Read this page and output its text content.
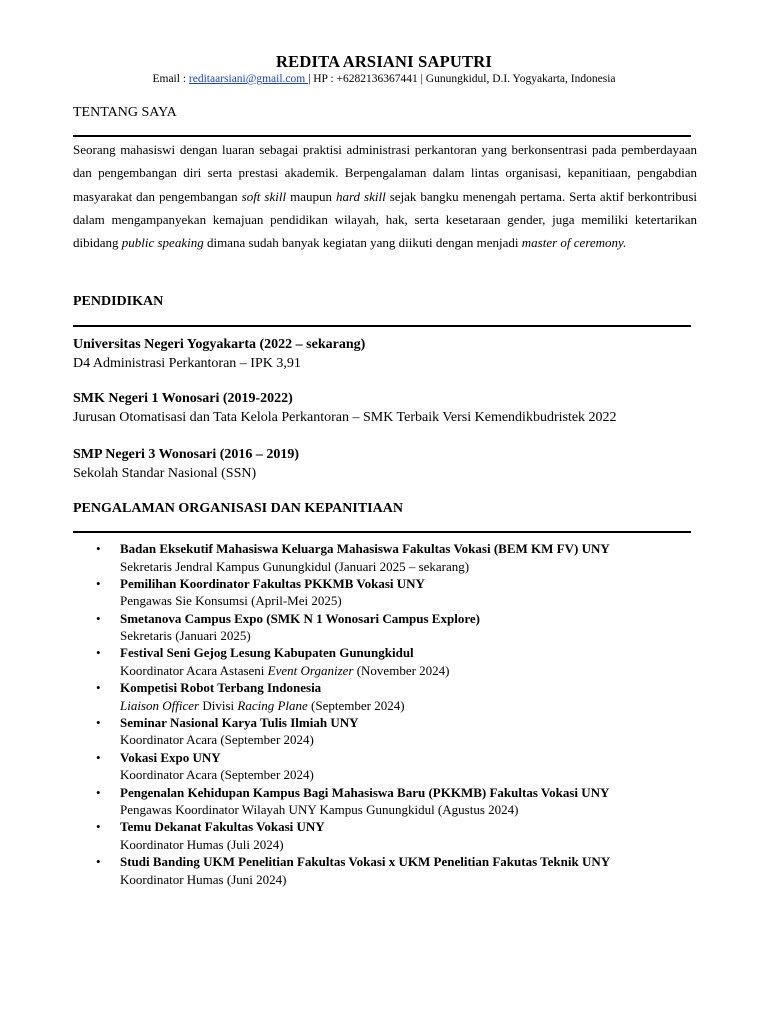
REDITA ARSIANI SAPUTRI
Email : reditaarsiani@gmail.com | HP : +6282136367441 | Gunungkidul, D.I. Yogyakarta, Indonesia
TENTANG SAYA
Seorang mahasiswi dengan luaran sebagai praktisi administrasi perkantoran yang berkonsentrasi pada pemberdayaan dan pengembangan diri serta prestasi akademik. Berpengalaman dalam lintas organisasi, kepanitiaan, pengabdian masyarakat dan pengembangan soft skill maupun hard skill sejak bangku menengah pertama. Serta aktif berkontribusi dalam mengampanyekan kemajuan pendidikan wilayah, hak, serta kesetaraan gender, juga memiliki ketertarikan dibidang public speaking dimana sudah banyak kegiatan yang diikuti dengan menjadi master of ceremony.
PENDIDIKAN
Universitas Negeri Yogyakarta (2022 – sekarang)
D4 Administrasi Perkantoran – IPK 3,91
SMK Negeri 1 Wonosari (2019-2022)
Jurusan Otomatisasi dan Tata Kelola Perkantoran – SMK Terbaik Versi Kemendikbudristek 2022
SMP Negeri 3 Wonosari (2016 – 2019)
Sekolah Standar Nasional (SSN)
PENGALAMAN ORGANISASI DAN KEPANITIAAN
• Badan Eksekutif Mahasiswa Keluarga Mahasiswa Fakultas Vokasi (BEM KM FV) UNY
Sekretaris Jendral Kampus Gunungkidul (Januari 2025 – sekarang)
• Pemilihan Koordinator Fakultas PKKMB Vokasi UNY
Pengawas Sie Konsumsi (April-Mei 2025)
• Smetanova Campus Expo (SMK N 1 Wonosari Campus Explore)
Sekretaris (Januari 2025)
• Festival Seni Gejog Lesung Kabupaten Gunungkidul
Koordinator Acara Astaseni Event Organizer (November 2024)
• Kompetisi Robot Terbang Indonesia
Liaison Officer Divisi Racing Plane (September 2024)
• Seminar Nasional Karya Tulis Ilmiah UNY
Koordinator Acara (September 2024)
• Vokasi Expo UNY
Koordinator Acara (September 2024)
• Pengenalan Kehidupan Kampus Bagi Mahasiswa Baru (PKKMB) Fakultas Vokasi UNY
Pengawas Koordinator Wilayah UNY Kampus Gunungkidul (Agustus 2024)
• Temu Dekanat Fakultas Vokasi UNY
Koordinator Humas (Juli 2024)
• Studi Banding UKM Penelitian Fakultas Vokasi x UKM Penelitian Fakutas Teknik UNY
Koordinator Humas (Juni 2024)
